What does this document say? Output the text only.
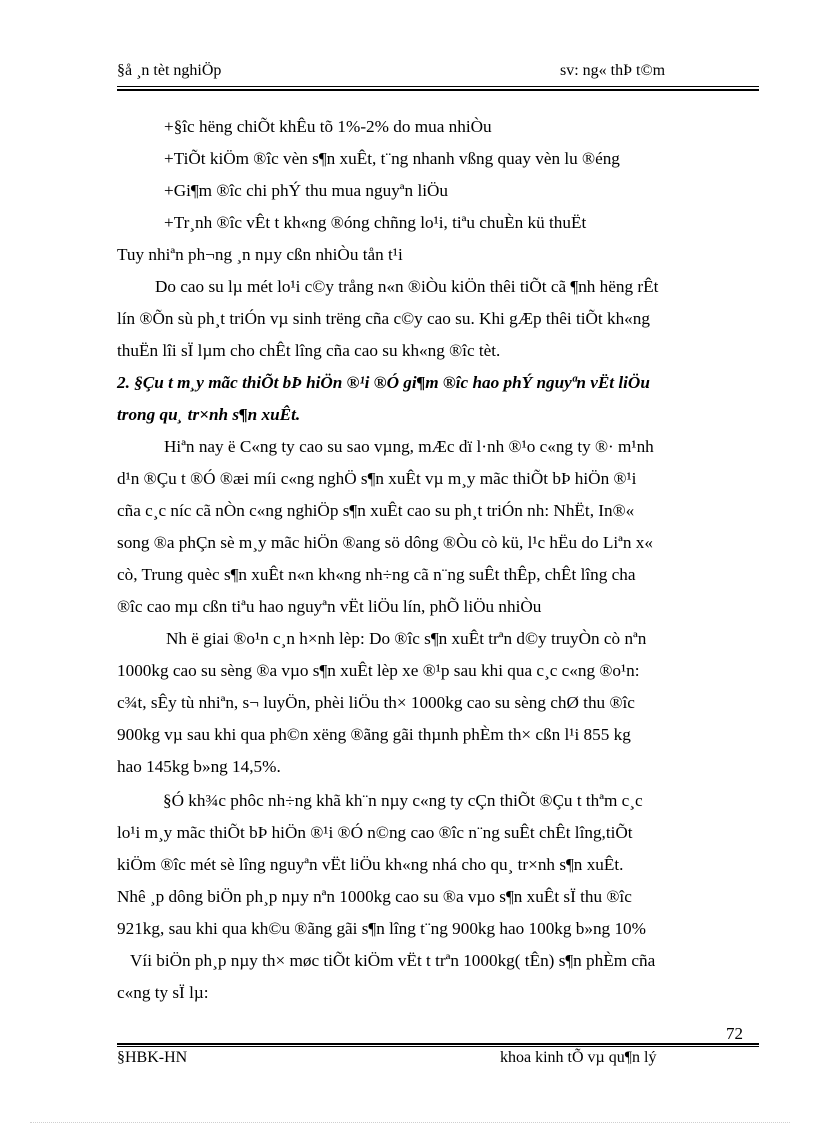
§å ¸n tèt nghiÖp	sv: ng« thÞ t©m
+§îc hëng chiÕt khÊu tõ 1%-2% do mua nhiÒu
+TiÕt kiÖm ®îc vèn s¶n xuÊt, t¨ng nhanh vßng quay vèn lu ®éng
+Gi¶m ®îc chi phÝ thu mua nguyªn liÖu
+Tr¸nh ®îc vÊt t kh«ng ®óng chñng lo¹i, tiªu chuÈn kü thuËt
Tuy nhiªn ph¬ng ¸n nµy cßn nhiÒu tån t¹i
Do cao su lµ mét lo¹i c©y trång n«n ®iÒu kiÖn thêi tiÕt cã ¶nh hëng rÊt
lín ®Õn sù ph¸t triÓn vµ sinh trëng cña c©y cao su. Khi gÆp thêi tiÕt kh«ng
thuËn lîi sÏ lµm cho chÊt lîng cña cao su kh«ng ®îc tèt.
2. §Çu t m¸y mãc thiÕt bÞ hiÖn ®¹i ®Ó gi¶m ®îc hao phÝ nguyªn vËt liÖu
trong qu¸ tr×nh s¶n xuÊt.
Hiªn nay ë C«ng ty cao su sao vµng, mÆc dï l·nh ®¹o c«ng ty ®· m¹nh
d¹n ®Çu t ®Ó ®æi míi c«ng nghÖ s¶n xuÊt vµ m¸y mãc thiÕt bÞ hiÖn ®¹i
cña c¸c níc cã nÒn c«ng nghiÖp s¶n xuÊt cao su ph¸t triÓn nh: NhËt, In®«
song ®a phÇn sè m¸y mãc hiÖn ®ang sö dông ®Òu cò kü, l¹c hËu do Liªn x«
cò, Trung quèc s¶n xuÊt n«n kh«ng nh÷ng cã n¨ng suÊt thÊp, chÊt lîng cha
®îc cao mµ cßn tiªu hao nguyªn vËt liÖu lín, phÕ liÖu nhiÒu
Nh ë giai ®o¹n c¸n h×nh lèp: Do ®îc s¶n xuÊt trªn d©y truyÒn cò nªn
1000kg cao su sèng ®a vµo s¶n xuÊt lèp xe ®¹p sau khi qua c¸c c«ng ®o¹n:
c¾t, sÊy tù nhiªn, s¬ luyÖn, phèi liÖu th× 1000kg cao su sèng chØ thu ®îc
900kg vµ sau khi qua ph©n xëng ®ãng gãi thµnh phÈm th× cßn l¹i 855 kg
hao 145kg b»ng 14,5%.
§Ó kh¾c phôc nh÷ng khã kh¨n nµy c«ng ty cÇn thiÕt ®Çu t thªm c¸c
lo¹i m¸y mãc thiÕt bÞ hiÖn ®¹i ®Ó n©ng cao ®îc n¨ng suÊt chÊt lîng,tiÕt
kiÖm ®îc mét sè lîng nguyªn vËt liÖu kh«ng nhá cho qu¸ tr×nh s¶n xuÊt.
Nhê ¸p dông biÖn ph¸p nµy nªn 1000kg cao su ®a vµo s¶n xuÊt sÏ thu ®îc
921kg, sau khi qua kh©u ®ãng gãi s¶n lîng t¨ng 900kg hao 100kg b»ng 10%
Víi biÖn ph¸p nµy th× møc tiÕt kiÖm vËt t trªn 1000kg( tÊn) s¶n phÈm cña
c«ng ty sÏ lµ:
72
§HBK-HN	khoa kinh tÕ vµ qu¶n lý
